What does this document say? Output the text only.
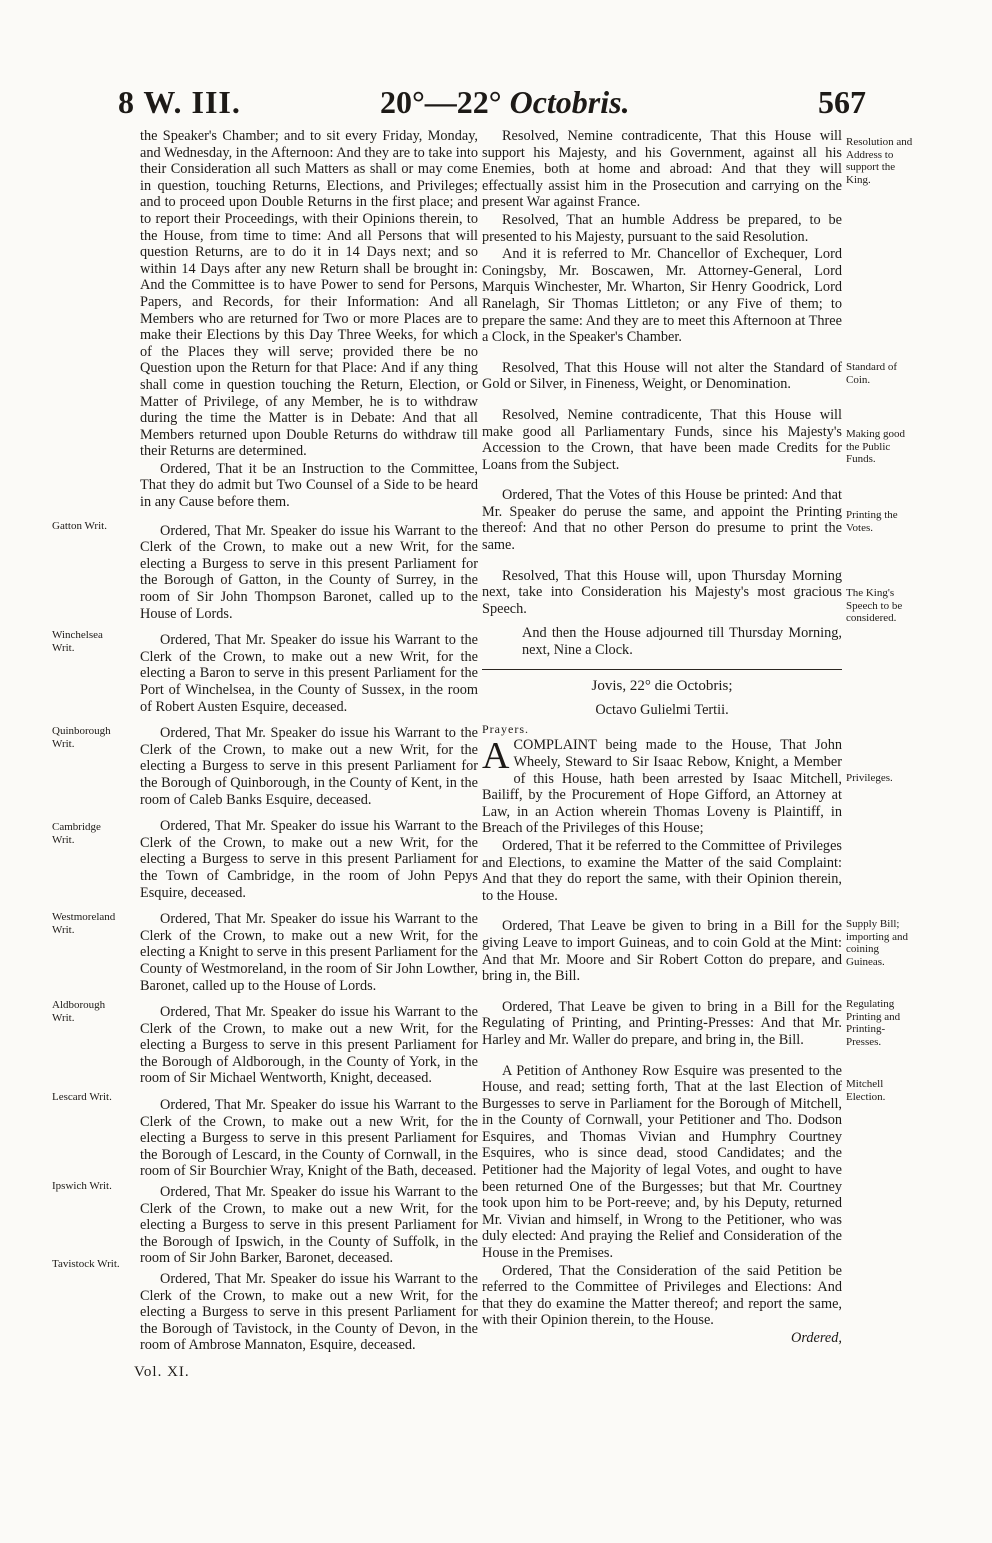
8 W. III.	20°—22° Octobris.	567
Gatton Writ.
Winchelsea Writ.
Quinborough Writ.
Cambridge Writ.
Westmoreland Writ.
Aldborough Writ.
Lescard Writ.
Ipswich Writ.
Tavistock Writ.
Resolution and Address to support the King.
Standard of Coin.
Making good the Public Funds.
Printing the Votes.
The King's Speech to be considered.
Privileges.
Supply Bill; importing and coining Guineas.
Regulating Printing and Printing-Presses.
Mitchell Election.

the Speaker's Chamber; and to sit every Friday, Monday, and Wednesday, in the Afternoon: And they are to take into their Consideration all such Matters as shall or may come in question, touching Returns, Elections, and Privileges; and to proceed upon Double Returns in the first place; and to report their Proceedings, with their Opinions therein, to the House, from time to time: And all Persons that will question Returns, are to do it in 14 Days next; and so within 14 Days after any new Return shall be brought in: And the Committee is to have Power to send for Persons, Papers, and Records, for their Information: And all Members who are returned for Two or more Places are to make their Elections by this Day Three Weeks, for which of the Places they will serve; provided there be no Question upon the Return for that Place: And if any thing shall come in question touching the Return, Election, or Matter of Privilege, of any Member, he is to withdraw during the time the Matter is in Debate: And that all Members returned upon Double Returns do withdraw till their Returns are determined.

Ordered, That it be an Instruction to the Committee, That they do admit but Two Counsel of a Side to be heard in any Cause before them.

Ordered, That Mr. Speaker do issue his Warrant to the Clerk of the Crown, to make out a new Writ, for the electing a Burgess to serve in this present Parliament for the Borough of Gatton, in the County of Surrey, in the room of Sir John Thompson Baronet, called up to the House of Lords.

Ordered, That Mr. Speaker do issue his Warrant to the Clerk of the Crown, to make out a new Writ, for the electing a Baron to serve in this present Parliament for the Port of Winchelsea, in the County of Sussex, in the room of Robert Austen Esquire, deceased.

Ordered, That Mr. Speaker do issue his Warrant to the Clerk of the Crown, to make out a new Writ, for the electing a Burgess to serve in this present Parliament for the Borough of Quinborough, in the County of Kent, in the room of Caleb Banks Esquire, deceased.

Ordered, That Mr. Speaker do issue his Warrant to the Clerk of the Crown, to make out a new Writ, for the electing a Burgess to serve in this present Parliament for the Town of Cambridge, in the room of John Pepys Esquire, deceased.

Ordered, That Mr. Speaker do issue his Warrant to the Clerk of the Crown, to make out a new Writ, for the electing a Knight to serve in this present Parliament for the County of Westmoreland, in the room of Sir John Lowther, Baronet, called up to the House of Lords.

Ordered, That Mr. Speaker do issue his Warrant to the Clerk of the Crown, to make out a new Writ, for the electing a Burgess to serve in this present Parliament for the Borough of Aldborough, in the County of York, in the room of Sir Michael Wentworth, Knight, deceased.

Ordered, That Mr. Speaker do issue his Warrant to the Clerk of the Crown, to make out a new Writ, for the electing a Burgess to serve in this present Parliament for the Borough of Lescard, in the County of Cornwall, in the room of Sir Bourchier Wray, Knight of the Bath, deceased.

Ordered, That Mr. Speaker do issue his Warrant to the Clerk of the Crown, to make out a new Writ, for the electing a Burgess to serve in this present Parliament for the Borough of Ipswich, in the County of Suffolk, in the room of Sir John Barker, Baronet, deceased.

Ordered, That Mr. Speaker do issue his Warrant to the Clerk of the Crown, to make out a new Writ, for the electing a Burgess to serve in this present Parliament for the Borough of Tavistock, in the County of Devon, in the room of Ambrose Mannaton, Esquire, deceased.

Resolved, Nemine contradicente, That this House will support his Majesty, and his Government, against all his Enemies, both at home and abroad: And that they will effectually assist him in the Prosecution and carrying on the present War against France.

Resolved, That an humble Address be prepared, to be presented to his Majesty, pursuant to the said Resolution.

And it is referred to Mr. Chancellor of Exchequer, Lord Coningsby, Mr. Boscawen, Mr. Attorney-General, Lord Marquis Winchester, Mr. Wharton, Sir Henry Goodrick, Lord Ranelagh, Sir Thomas Littleton; or any Five of them; to prepare the same: And they are to meet this Afternoon at Three a Clock, in the Speaker's Chamber.

Resolved, That this House will not alter the Standard of Gold or Silver, in Fineness, Weight, or Denomination.

Resolved, Nemine contradicente, That this House will make good all Parliamentary Funds, since his Majesty's Accession to the Crown, that have been made Credits for Loans from the Subject.

Ordered, That the Votes of this House be printed: And that Mr. Speaker do peruse the same, and appoint the Printing thereof: And that no other Person do presume to print the same.

Resolved, That this House will, upon Thursday Morning next, take into Consideration his Majesty's most gracious Speech.

And then the House adjourned till Thursday Morning, next, Nine a Clock.

Jovis, 22° die Octobris;

Octavo Gulielmi Tertii.

Prayers.

ACOMPLAINT being made to the House, That John Wheely, Steward to Sir Isaac Rebow, Knight, a Member of this House, hath been arrested by Isaac Mitchell, Bailiff, by the Procurement of Hope Gifford, an Attorney at Law, in an Action wherein Thomas Loveny is Plaintiff, in Breach of the Privileges of this House;

Ordered, That it be referred to the Committee of Privileges and Elections, to examine the Matter of the said Complaint: And that they do report the same, with their Opinion therein, to the House.

Ordered, That Leave be given to bring in a Bill for the giving Leave to import Guineas, and to coin Gold at the Mint: And that Mr. Moore and Sir Robert Cotton do prepare, and bring in, the Bill.

Ordered, That Leave be given to bring in a Bill for the Regulating of Printing, and Printing-Presses: And that Mr. Harley and Mr. Waller do prepare, and bring in, the Bill.

A Petition of Anthoney Row Esquire was presented to the House, and read; setting forth, That at the last Election of Burgesses to serve in Parliament for the Borough of Mitchell, in the County of Cornwall, your Petitioner and Tho. Dodson Esquires, and Thomas Vivian and Humphry Courtney Esquires, who is since dead, stood Candidates; and the Petitioner had the Majority of legal Votes, and ought to have been returned One of the Burgesses; but that Mr. Courtney took upon him to be Port-reeve; and, by his Deputy, returned Mr. Vivian and himself, in Wrong to the Petitioner, who was duly elected: And praying the Relief and Consideration of the House in the Premises.

Ordered, That the Consideration of the said Petition be referred to the Committee of Privileges and Elections: And that they do examine the Matter thereof; and report the same, with their Opinion therein, to the House.

Ordered,

Vol. XI.
